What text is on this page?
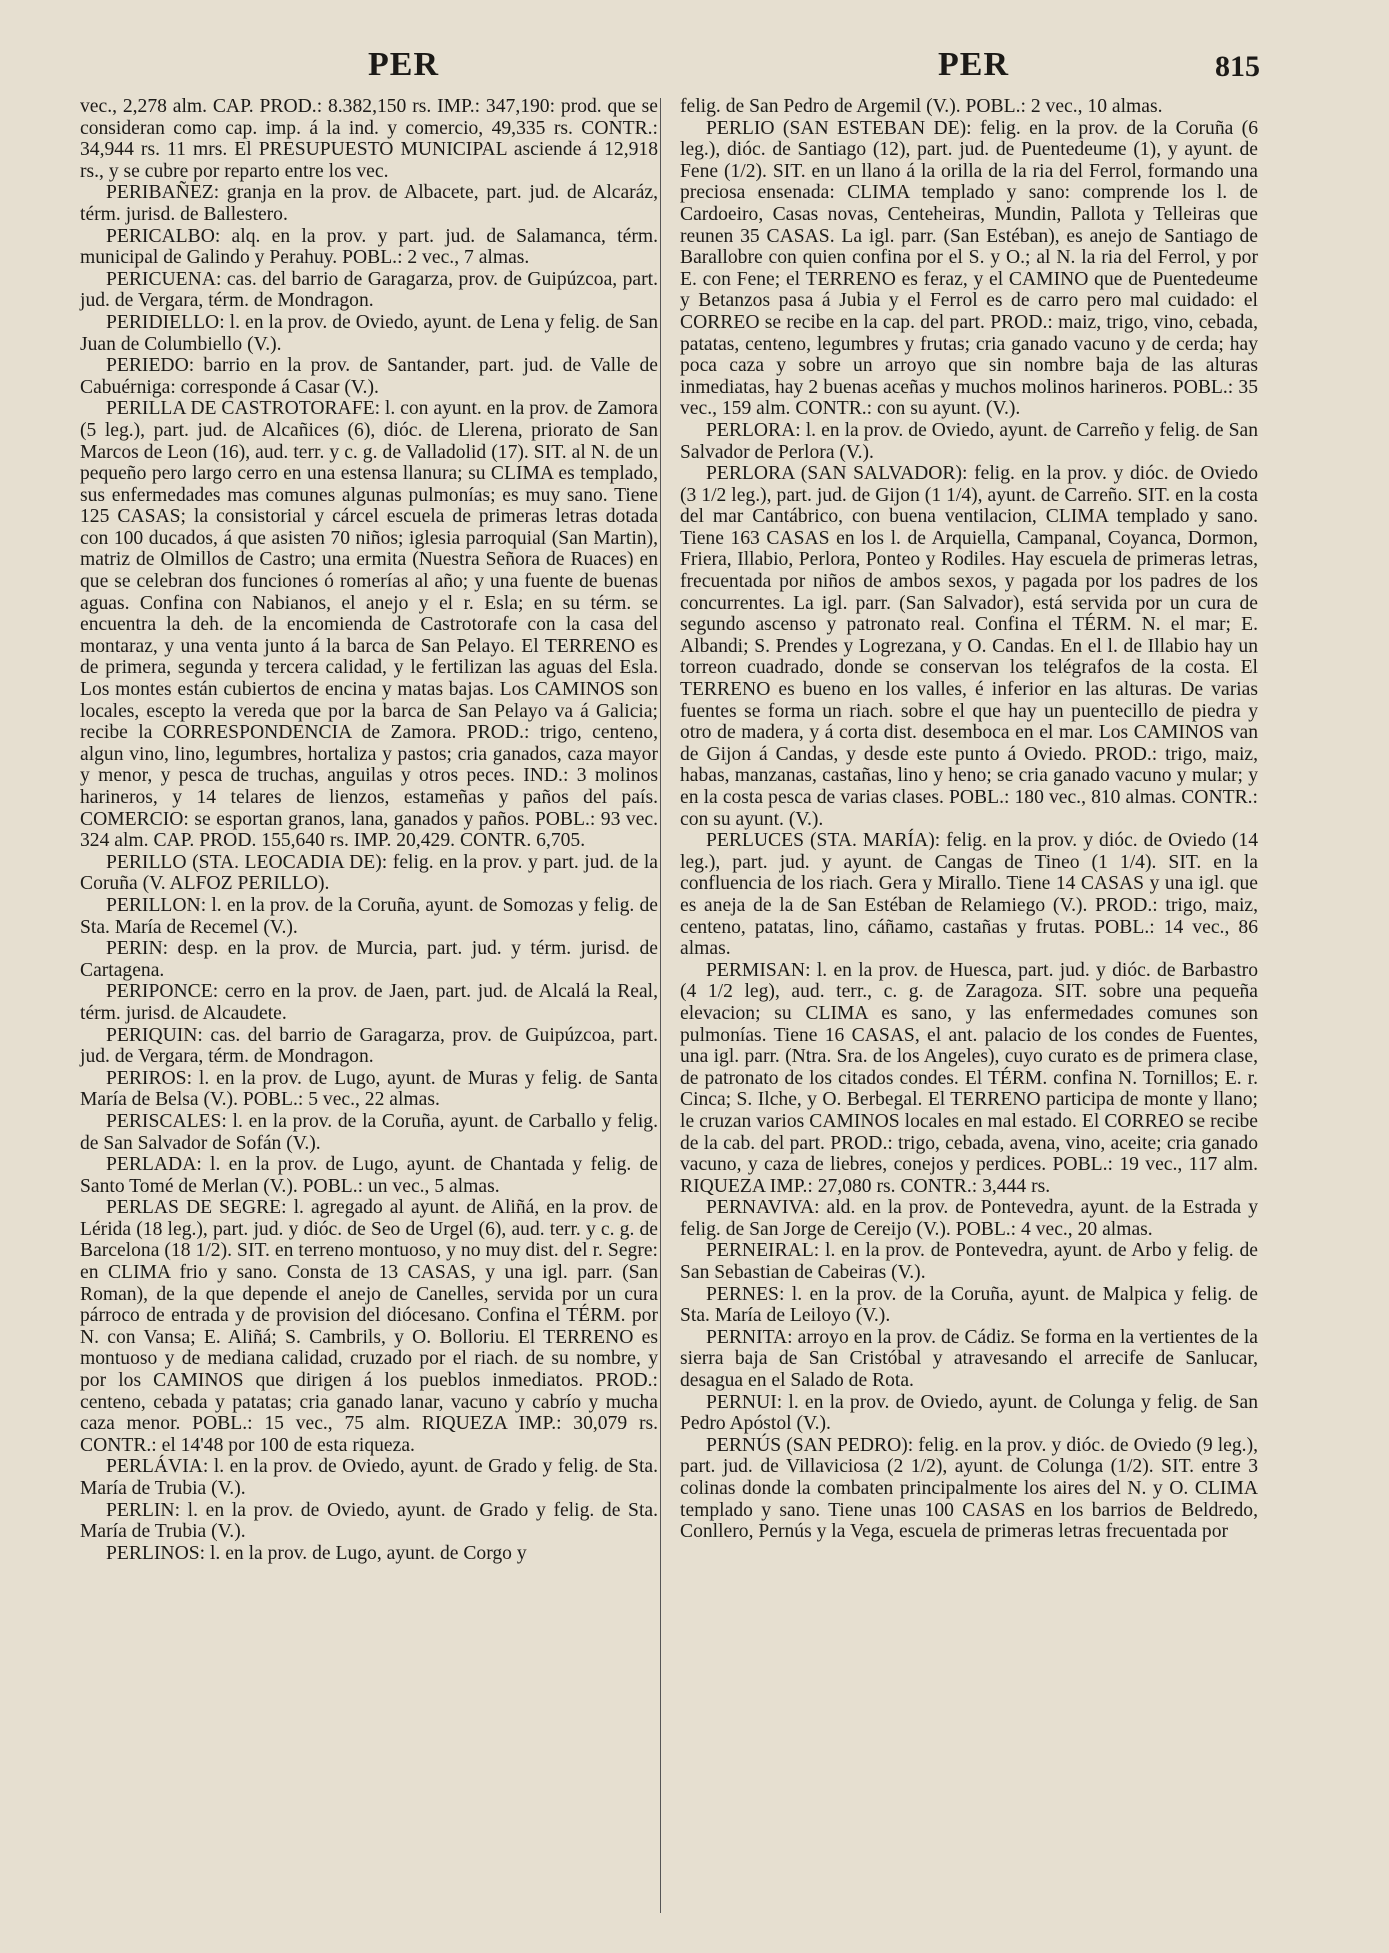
PER	PER	815

vec., 2,278 alm. CAP. PROD.: 8.382,150 rs. IMP.: 347,190: prod. que se consideran como cap. imp. á la ind. y comercio, 49,335 rs. CONTR.: 34,944 rs. 11 mrs. El PRESUPUESTO MUNICIPAL asciende á 12,918 rs., y se cubre por reparto entre los vec.

PERIBAÑEZ: granja en la prov. de Albacete, part. jud. de Alcaráz, térm. jurisd. de Ballestero.

PERICALBO: alq. en la prov. y part. jud. de Salamanca, térm. municipal de Galindo y Perahuy. POBL.: 2 vec., 7 almas.

PERICUENA: cas. del barrio de Garagarza, prov. de Guipúzcoa, part. jud. de Vergara, térm. de Mondragon.

PERIDIELLO: l. en la prov. de Oviedo, ayunt. de Lena y felig. de San Juan de Columbiello (V.).

PERIEDO: barrio en la prov. de Santander, part. jud. de Valle de Cabuérniga: corresponde á Casar (V.).

PERILLA DE CASTROTORAFE: l. con ayunt. en la prov. de Zamora (5 leg.), part. jud. de Alcañices (6), dióc. de Llerena, priorato de San Marcos de Leon (16), aud. terr. y c. g. de Valladolid (17). SIT. al N. de un pequeño pero largo cerro en una estensa llanura; su CLIMA es templado, sus enfermedades mas comunes algunas pulmonías; es muy sano. Tiene 125 CASAS; la consistorial y cárcel escuela de primeras letras dotada con 100 ducados, á que asisten 70 niños; iglesia parroquial (San Martin), matriz de Olmillos de Castro; una ermita (Nuestra Señora de Ruaces) en que se celebran dos funciones ó romerías al año; y una fuente de buenas aguas. Confina con Nabianos, el anejo y el r. Esla; en su térm. se encuentra la deh. de la encomienda de Castrotorafe con la casa del montaraz, y una venta junto á la barca de San Pelayo. El TERRENO es de primera, segunda y tercera calidad, y le fertilizan las aguas del Esla. Los montes están cubiertos de encina y matas bajas. Los CAMINOS son locales, escepto la vereda que por la barca de San Pelayo va á Galicia; recibe la CORRESPONDENCIA de Zamora. PROD.: trigo, centeno, algun vino, lino, legumbres, hortaliza y pastos; cria ganados, caza mayor y menor, y pesca de truchas, anguilas y otros peces. IND.: 3 molinos harineros, y 14 telares de lienzos, estameñas y paños del país. COMERCIO: se esportan granos, lana, ganados y paños. POBL.: 93 vec. 324 alm. CAP. PROD. 155,640 rs. IMP. 20,429. CONTR. 6,705.

PERILLO (STA. LEOCADIA DE): felig. en la prov. y part. jud. de la Coruña (V. ALFOZ PERILLO).

PERILLON: l. en la prov. de la Coruña, ayunt. de Somozas y felig. de Sta. María de Recemel (V.).

PERIN: desp. en la prov. de Murcia, part. jud. y térm. jurisd. de Cartagena.

PERIPONCE: cerro en la prov. de Jaen, part. jud. de Alcalá la Real, térm. jurisd. de Alcaudete.

PERIQUIN: cas. del barrio de Garagarza, prov. de Guipúzcoa, part. jud. de Vergara, térm. de Mondragon.

PERIROS: l. en la prov. de Lugo, ayunt. de Muras y felig. de Santa María de Belsa (V.). POBL.: 5 vec., 22 almas.

PERISCALES: l. en la prov. de la Coruña, ayunt. de Carballo y felig. de San Salvador de Sofán (V.).

PERLADA: l. en la prov. de Lugo, ayunt. de Chantada y felig. de Santo Tomé de Merlan (V.). POBL.: un vec., 5 almas.

PERLAS DE SEGRE: l. agregado al ayunt. de Aliñá, en la prov. de Lérida (18 leg.), part. jud. y dióc. de Seo de Urgel (6), aud. terr. y c. g. de Barcelona (18 1/2). SIT. en terreno montuoso, y no muy dist. del r. Segre: en CLIMA frio y sano. Consta de 13 CASAS, y una igl. parr. (San Roman), de la que depende el anejo de Canelles, servida por un cura párroco de entrada y de provision del diócesano. Confina el TÉRM. por N. con Vansa; E. Aliñá; S. Cambrils, y O. Bolloriu. El TERRENO es montuoso y de mediana calidad, cruzado por el riach. de su nombre, y por los CAMINOS que dirigen á los pueblos inmediatos. PROD.: centeno, cebada y patatas; cria ganado lanar, vacuno y cabrío y mucha caza menor. POBL.: 15 vec., 75 alm. RIQUEZA IMP.: 30,079 rs. CONTR.: el 14'48 por 100 de esta riqueza.

PERLÁVIA: l. en la prov. de Oviedo, ayunt. de Grado y felig. de Sta. María de Trubia (V.).

PERLIN: l. en la prov. de Oviedo, ayunt. de Grado y felig. de Sta. María de Trubia (V.).

PERLINOS: l. en la prov. de Lugo, ayunt. de Corgo y

felig. de San Pedro de Argemil (V.). POBL.: 2 vec., 10 almas.

PERLIO (SAN ESTEBAN DE): felig. en la prov. de la Coruña (6 leg.), dióc. de Santiago (12), part. jud. de Puentedeume (1), y ayunt. de Fene (1/2). SIT. en un llano á la orilla de la ria del Ferrol, formando una preciosa ensenada: CLIMA templado y sano: comprende los l. de Cardoeiro, Casas novas, Centeheiras, Mundin, Pallota y Telleiras que reunen 35 CASAS. La igl. parr. (San Estéban), es anejo de Santiago de Barallobre con quien confina por el S. y O.; al N. la ria del Ferrol, y por E. con Fene; el TERRENO es feraz, y el CAMINO que de Puentedeume y Betanzos pasa á Jubia y el Ferrol es de carro pero mal cuidado: el CORREO se recibe en la cap. del part. PROD.: maiz, trigo, vino, cebada, patatas, centeno, legumbres y frutas; cria ganado vacuno y de cerda; hay poca caza y sobre un arroyo que sin nombre baja de las alturas inmediatas, hay 2 buenas aceñas y muchos molinos harineros. POBL.: 35 vec., 159 alm. CONTR.: con su ayunt. (V.).

PERLORA: l. en la prov. de Oviedo, ayunt. de Carreño y felig. de San Salvador de Perlora (V.).

PERLORA (SAN SALVADOR): felig. en la prov. y dióc. de Oviedo (3 1/2 leg.), part. jud. de Gijon (1 1/4), ayunt. de Carreño. SIT. en la costa del mar Cantábrico, con buena ventilacion, CLIMA templado y sano. Tiene 163 CASAS en los l. de Arquiella, Campanal, Coyanca, Dormon, Friera, Illabio, Perlora, Ponteo y Rodiles. Hay escuela de primeras letras, frecuentada por niños de ambos sexos, y pagada por los padres de los concurrentes. La igl. parr. (San Salvador), está servida por un cura de segundo ascenso y patronato real. Confina el TÉRM. N. el mar; E. Albandi; S. Prendes y Logrezana, y O. Candas. En el l. de Illabio hay un torreon cuadrado, donde se conservan los telégrafos de la costa. El TERRENO es bueno en los valles, é inferior en las alturas. De varias fuentes se forma un riach. sobre el que hay un puentecillo de piedra y otro de madera, y á corta dist. desemboca en el mar. Los CAMINOS van de Gijon á Candas, y desde este punto á Oviedo. PROD.: trigo, maiz, habas, manzanas, castañas, lino y heno; se cria ganado vacuno y mular; y en la costa pesca de varias clases. POBL.: 180 vec., 810 almas. CONTR.: con su ayunt. (V.).

PERLUCES (STA. MARÍA): felig. en la prov. y dióc. de Oviedo (14 leg.), part. jud. y ayunt. de Cangas de Tineo (1 1/4). SIT. en la confluencia de los riach. Gera y Mirallo. Tiene 14 CASAS y una igl. que es aneja de la de San Estéban de Relamiego (V.). PROD.: trigo, maiz, centeno, patatas, lino, cáñamo, castañas y frutas. POBL.: 14 vec., 86 almas.

PERMISAN: l. en la prov. de Huesca, part. jud. y dióc. de Barbastro (4 1/2 leg), aud. terr., c. g. de Zaragoza. SIT. sobre una pequeña elevacion; su CLIMA es sano, y las enfermedades comunes son pulmonías. Tiene 16 CASAS, el ant. palacio de los condes de Fuentes, una igl. parr. (Ntra. Sra. de los Angeles), cuyo curato es de primera clase, de patronato de los citados condes. El TÉRM. confina N. Tornillos; E. r. Cinca; S. Ilche, y O. Berbegal. El TERRENO participa de monte y llano; le cruzan varios CAMINOS locales en mal estado. El CORREO se recibe de la cab. del part. PROD.: trigo, cebada, avena, vino, aceite; cria ganado vacuno, y caza de liebres, conejos y perdices. POBL.: 19 vec., 117 alm. RIQUEZA IMP.: 27,080 rs. CONTR.: 3,444 rs.

PERNAVIVA: ald. en la prov. de Pontevedra, ayunt. de la Estrada y felig. de San Jorge de Cereijo (V.). POBL.: 4 vec., 20 almas.

PERNEIRAL: l. en la prov. de Pontevedra, ayunt. de Arbo y felig. de San Sebastian de Cabeiras (V.).

PERNES: l. en la prov. de la Coruña, ayunt. de Malpica y felig. de Sta. María de Leiloyo (V.).

PERNITA: arroyo en la prov. de Cádiz. Se forma en la vertientes de la sierra baja de San Cristóbal y atravesando el arrecife de Sanlucar, desagua en el Salado de Rota.

PERNUI: l. en la prov. de Oviedo, ayunt. de Colunga y felig. de San Pedro Apóstol (V.).

PERNÚS (SAN PEDRO): felig. en la prov. y dióc. de Oviedo (9 leg.), part. jud. de Villaviciosa (2 1/2), ayunt. de Colunga (1/2). SIT. entre 3 colinas donde la combaten principalmente los aires del N. y O. CLIMA templado y sano. Tiene unas 100 CASAS en los barrios de Beldredo, Conllero, Pernús y la Vega, escuela de primeras letras frecuentada por
